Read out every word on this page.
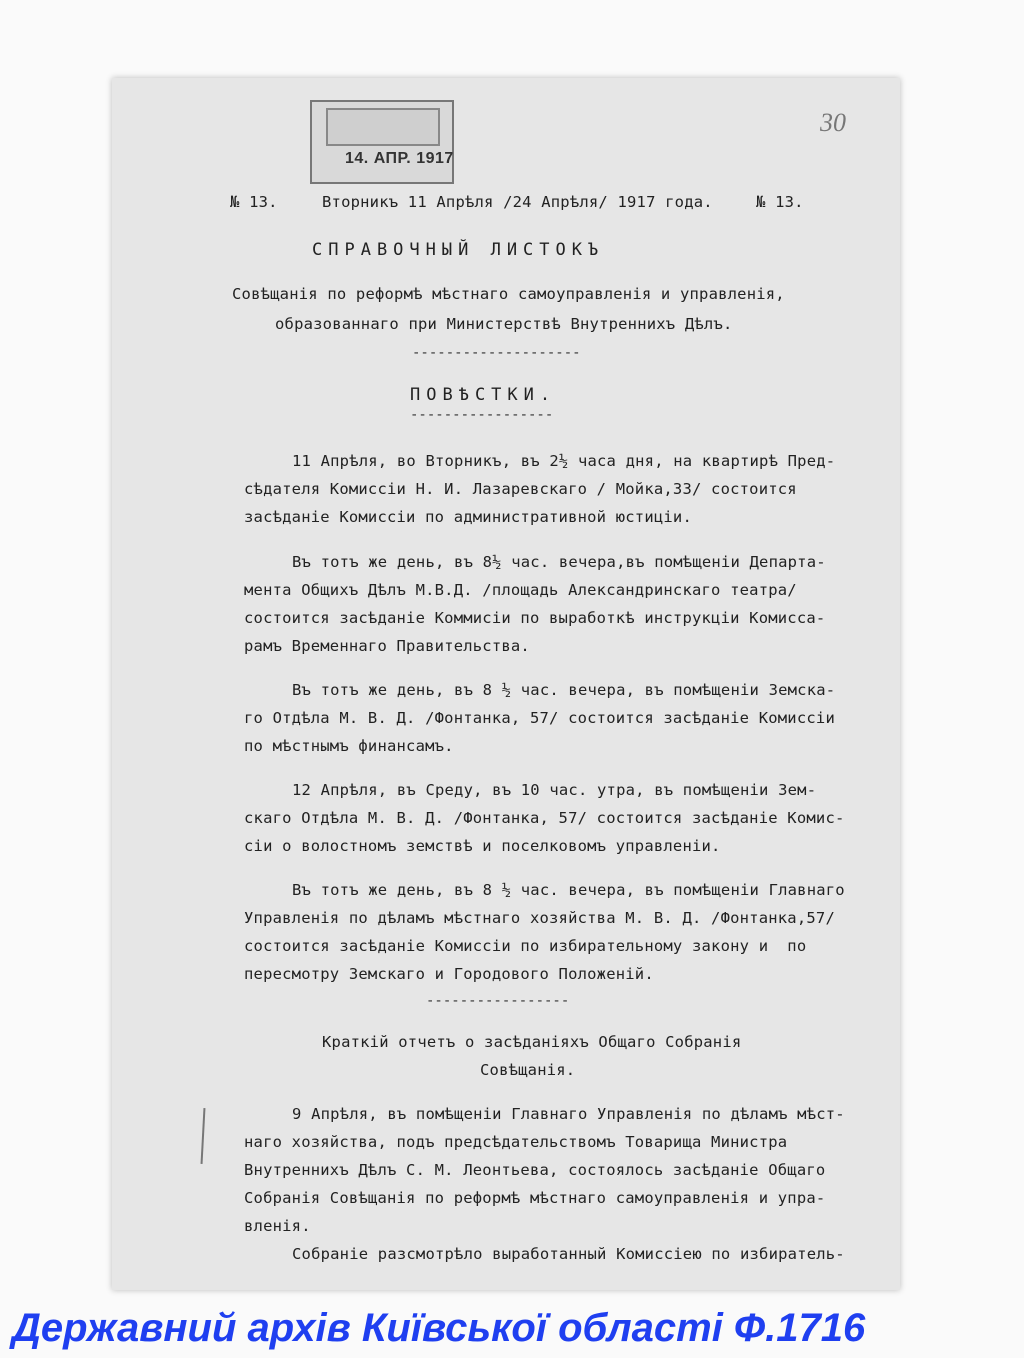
14. АПР. 1917
30
№ 13.	Вторникъ 11 Апрѣля /24 Апрѣля/ 1917 года.	№ 13.
СПРАВОЧНЫЙ ЛИСТОКЪ
Совѣщанія по реформѣ мѣстнаго самоуправленія и управленія,
образованнаго при Министерствѣ Внутреннихъ Дѣлъ.
--------------------
ПОВѢСТКИ.
-----------------
11 Апрѣля, во Вторникъ, въ 2½ часа дня, на квартирѣ Пред-
сѣдателя Комиссіи Н. И. Лазаревскаго / Мойка,33/ состоится
засѣданіе Комиссіи по административной юстиціи.
Въ тотъ же день, въ 8½ час. вечера,въ помѣщеніи Департа-
мента Общихъ Дѣлъ М.В.Д. /площадь Александринскаго театра/
состоится засѣданіе Коммисіи по выработкѣ инструкціи Комисса-
рамъ Временнаго Правительства.
Въ тотъ же день, въ 8 ½ час. вечера, въ помѣщеніи Земска-
го Отдѣла М. В. Д. /Фонтанка, 57/ состоится засѣданіе Комиссіи
по мѣстнымъ финансамъ.
12 Апрѣля, въ Среду, въ 10 час. утра, въ помѣщеніи Зем-
скаго Отдѣла М. В. Д. /Фонтанка, 57/ состоится засѣданіе Комис-
сіи о волостномъ земствѣ и поселковомъ управленіи.
Въ тотъ же день, въ 8 ½ час. вечера, въ помѣщеніи Главнаго
Управленія по дѣламъ мѣстнаго хозяйства М. В. Д. /Фонтанка,57/
состоится засѣданіе Комиссіи по избирательному закону и  по
пересмотру Земскаго и Городового Положеній.
-----------------
Краткій отчетъ о засѣданіяхъ Общаго Собранія
Совѣщанія.
9 Апрѣля, въ помѣщеніи Главнаго Управленія по дѣламъ мѣст-
наго хозяйства, подъ предсѣдательствомъ Товарища Министра
Внутреннихъ Дѣлъ С. М. Леонтьева, состоялось засѣданіе Общаго
Собранія Совѣщанія по реформѣ мѣстнаго самоуправленія и упра-
вленія.
Собраніе разсмотрѣло выработанный Комиссіею по избиратель-
Державний архів Київської області Ф.1716
